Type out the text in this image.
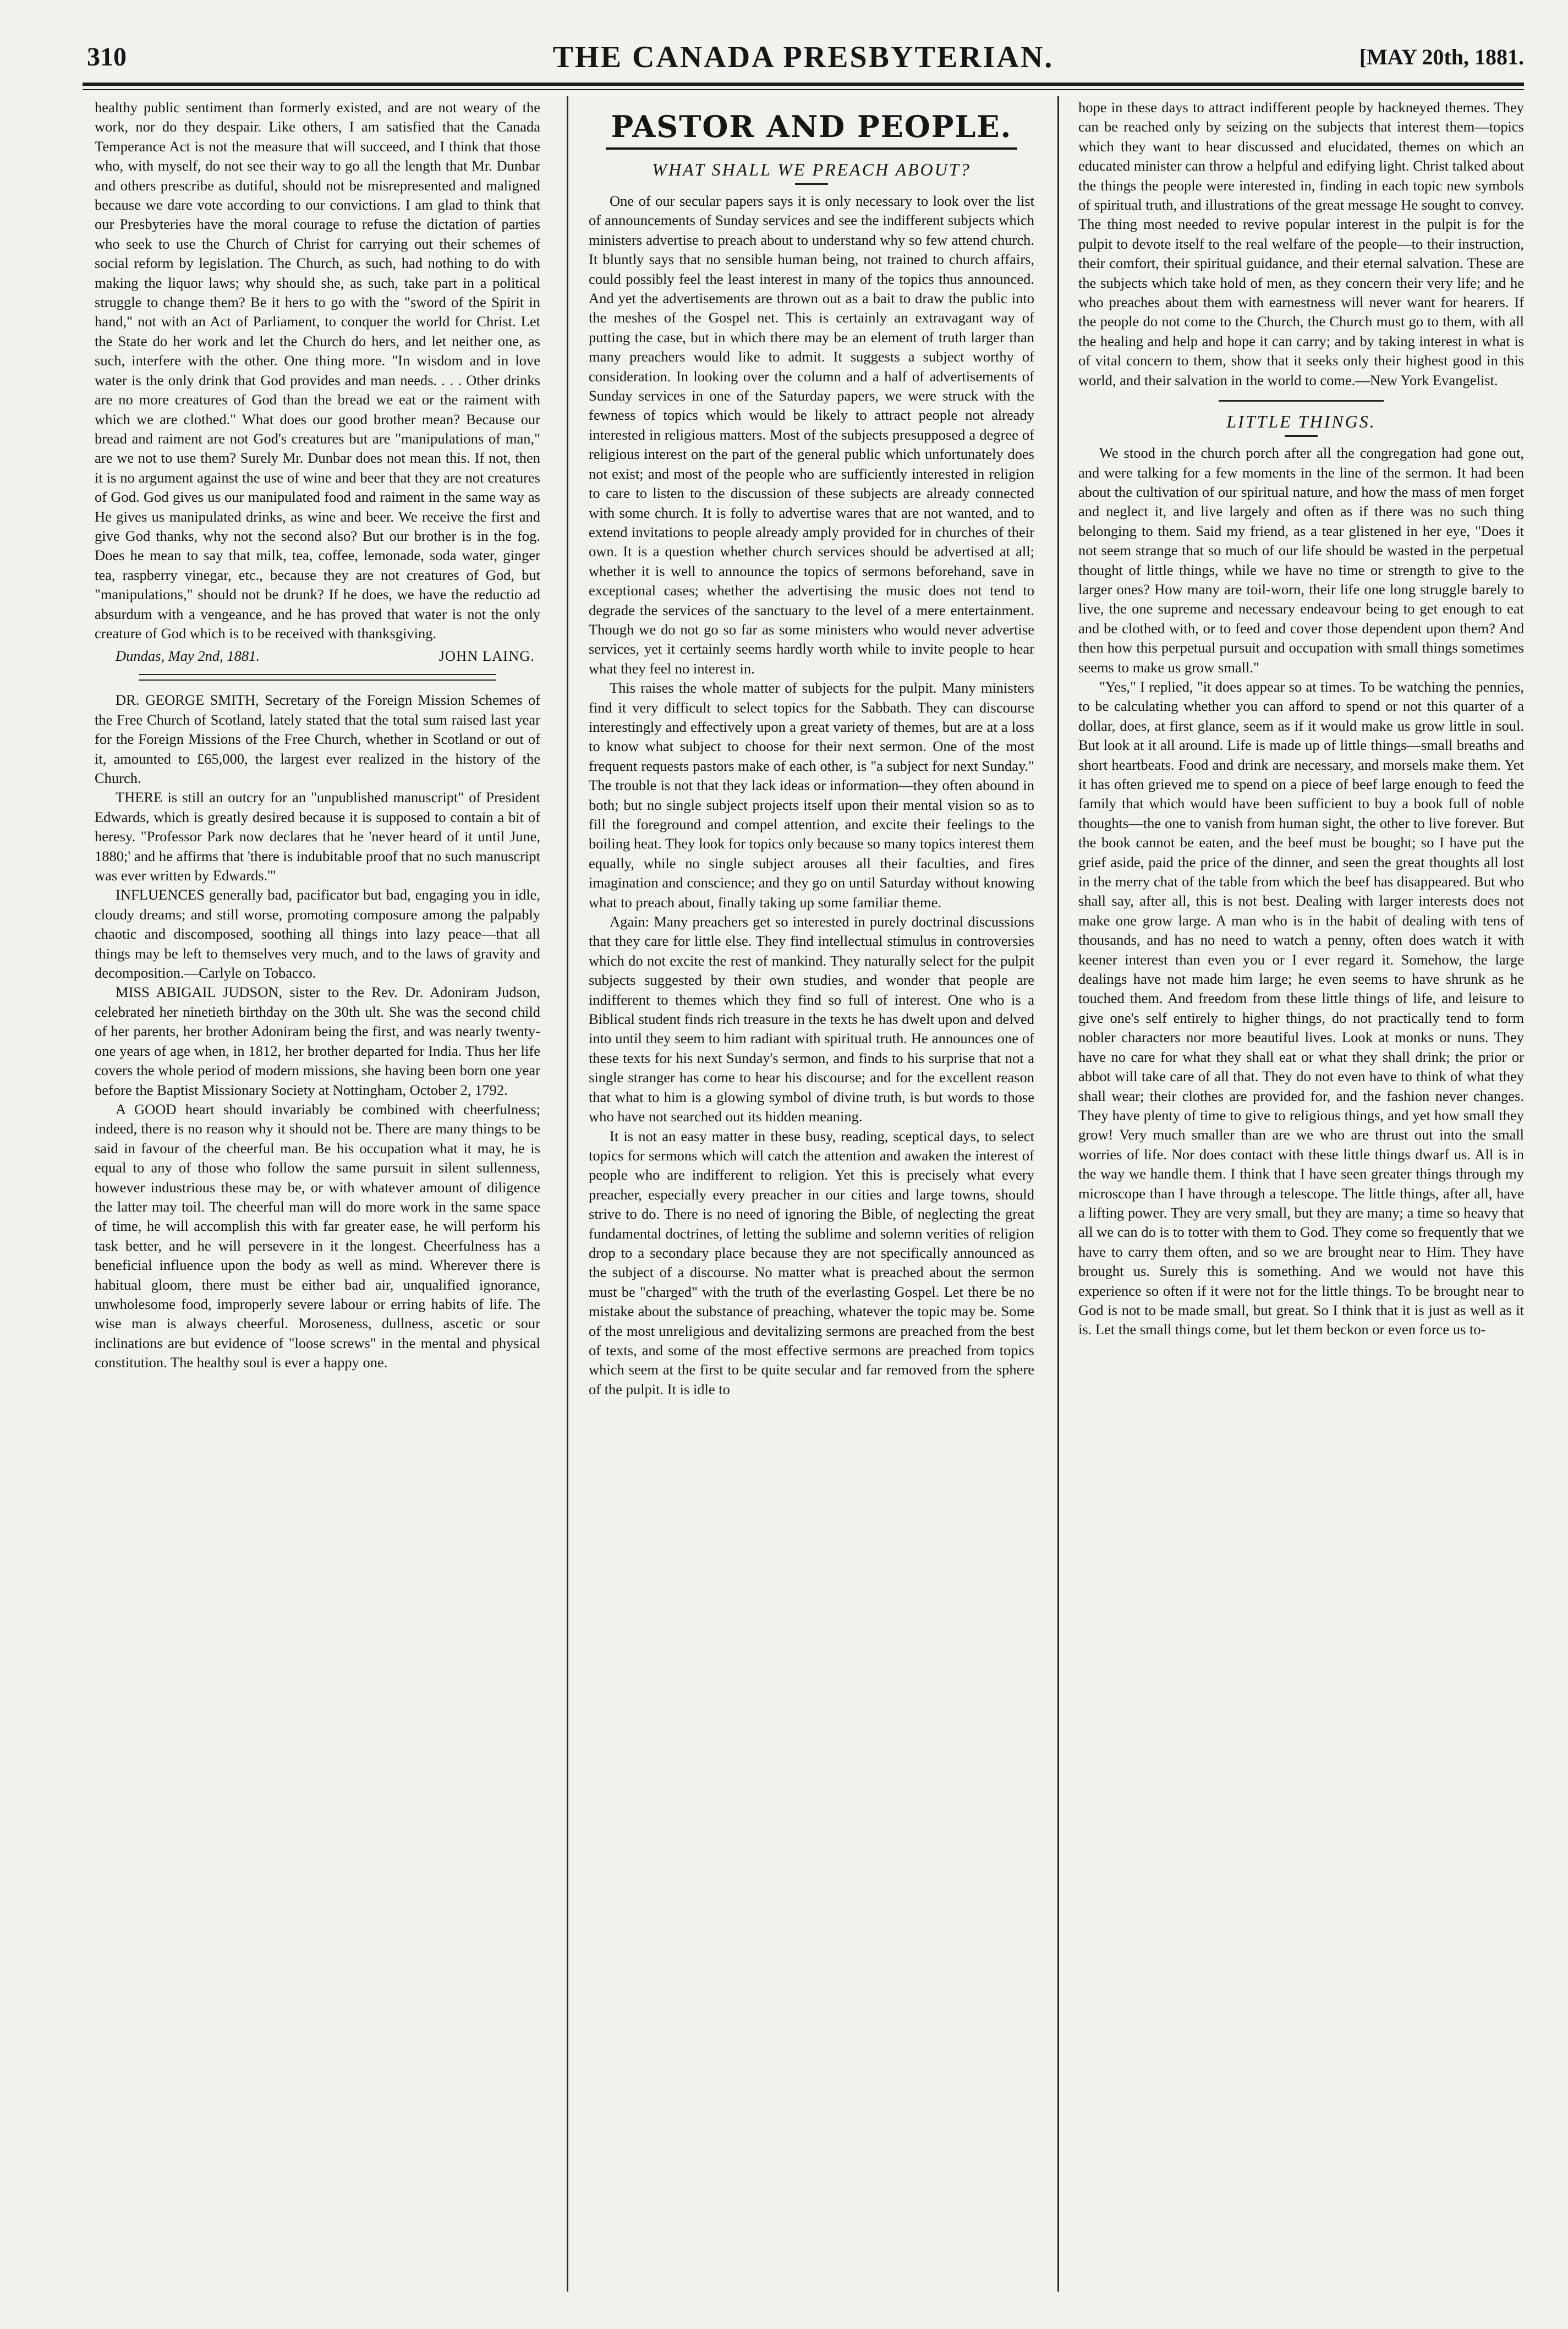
310	THE CANADA PRESBYTERIAN.	[MAY 20th, 1881.

healthy public sentiment than formerly existed, and are not weary of the work, nor do they despair. Like others, I am satisfied that the Canada Temperance Act is not the measure that will succeed, and I think that those who, with myself, do not see their way to go all the length that Mr. Dunbar and others prescribe as dutiful, should not be misrepresented and maligned because we dare vote according to our convictions. I am glad to think that our Presbyteries have the moral courage to refuse the dictation of parties who seek to use the Church of Christ for carrying out their schemes of social reform by legislation. The Church, as such, had nothing to do with making the liquor laws; why should she, as such, take part in a political struggle to change them? Be it hers to go with the "sword of the Spirit in hand," not with an Act of Parliament, to conquer the world for Christ. Let the State do her work and let the Church do hers, and let neither one, as such, interfere with the other. One thing more. "In wisdom and in love water is the only drink that God provides and man needs. . . . Other drinks are no more creatures of God than the bread we eat or the raiment with which we are clothed." What does our good brother mean? Because our bread and raiment are not God's creatures but are "manipulations of man," are we not to use them? Surely Mr. Dunbar does not mean this. If not, then it is no argument against the use of wine and beer that they are not creatures of God. God gives us our manipulated food and raiment in the same way as He gives us manipulated drinks, as wine and beer. We receive the first and give God thanks, why not the second also? But our brother is in the fog. Does he mean to say that milk, tea, coffee, lemonade, soda water, ginger tea, raspberry vinegar, etc., because they are not creatures of God, but "manipulations," should not be drunk? If he does, we have the reductio ad absurdum with a vengeance, and he has proved that water is not the only creature of God which is to be received with thanksgiving.

Dundas, May 2nd, 1881.	JOHN LAING.

DR. GEORGE SMITH, Secretary of the Foreign Mission Schemes of the Free Church of Scotland, lately stated that the total sum raised last year for the Foreign Missions of the Free Church, whether in Scotland or out of it, amounted to £65,000, the largest ever realized in the history of the Church.

THERE is still an outcry for an "unpublished manuscript" of President Edwards, which is greatly desired because it is supposed to contain a bit of heresy. "Professor Park now declares that he 'never heard of it until June, 1880;' and he affirms that 'there is indubitable proof that no such manuscript was ever written by Edwards.'"

INFLUENCES generally bad, pacificator but bad, engaging you in idle, cloudy dreams; and still worse, promoting composure among the palpably chaotic and discomposed, soothing all things into lazy peace—that all things may be left to themselves very much, and to the laws of gravity and decomposition.—Carlyle on Tobacco.

MISS ABIGAIL JUDSON, sister to the Rev. Dr. Adoniram Judson, celebrated her ninetieth birthday on the 30th ult. She was the second child of her parents, her brother Adoniram being the first, and was nearly twenty-one years of age when, in 1812, her brother departed for India. Thus her life covers the whole period of modern missions, she having been born one year before the Baptist Missionary Society at Nottingham, October 2, 1792.

A GOOD heart should invariably be combined with cheerfulness; indeed, there is no reason why it should not be. There are many things to be said in favour of the cheerful man. Be his occupation what it may, he is equal to any of those who follow the same pursuit in silent sullenness, however industrious these may be, or with whatever amount of diligence the latter may toil. The cheerful man will do more work in the same space of time, he will accomplish this with far greater ease, he will perform his task better, and he will persevere in it the longest. Cheerfulness has a beneficial influence upon the body as well as mind. Wherever there is habitual gloom, there must be either bad air, unqualified ignorance, unwholesome food, improperly severe labour or erring habits of life. The wise man is always cheerful. Moroseness, dullness, ascetic or sour inclinations are but evidence of "loose screws" in the mental and physical constitution. The healthy soul is ever a happy one.

PASTOR AND PEOPLE.
WHAT SHALL WE PREACH ABOUT?

One of our secular papers says it is only necessary to look over the list of announcements of Sunday services and see the indifferent subjects which ministers advertise to preach about to understand why so few attend church. It bluntly says that no sensible human being, not trained to church affairs, could possibly feel the least interest in many of the topics thus announced. And yet the advertisements are thrown out as a bait to draw the public into the meshes of the Gospel net. This is certainly an extravagant way of putting the case, but in which there may be an element of truth larger than many preachers would like to admit. It suggests a subject worthy of consideration. In looking over the column and a half of advertisements of Sunday services in one of the Saturday papers, we were struck with the fewness of topics which would be likely to attract people not already interested in religious matters. Most of the subjects presupposed a degree of religious interest on the part of the general public which unfortunately does not exist; and most of the people who are sufficiently interested in religion to care to listen to the discussion of these subjects are already connected with some church. It is folly to advertise wares that are not wanted, and to extend invitations to people already amply provided for in churches of their own. It is a question whether church services should be advertised at all; whether it is well to announce the topics of sermons beforehand, save in exceptional cases; whether the advertising the music does not tend to degrade the services of the sanctuary to the level of a mere entertainment. Though we do not go so far as some ministers who would never advertise services, yet it certainly seems hardly worth while to invite people to hear what they feel no interest in.

This raises the whole matter of subjects for the pulpit. Many ministers find it very difficult to select topics for the Sabbath. They can discourse interestingly and effectively upon a great variety of themes, but are at a loss to know what subject to choose for their next sermon. One of the most frequent requests pastors make of each other, is "a subject for next Sunday." The trouble is not that they lack ideas or information—they often abound in both; but no single subject projects itself upon their mental vision so as to fill the foreground and compel attention, and excite their feelings to the boiling heat. They look for topics only because so many topics interest them equally, while no single subject arouses all their faculties, and fires imagination and conscience; and they go on until Saturday without knowing what to preach about, finally taking up some familiar theme.

Again: Many preachers get so interested in purely doctrinal discussions that they care for little else. They find intellectual stimulus in controversies which do not excite the rest of mankind. They naturally select for the pulpit subjects suggested by their own studies, and wonder that people are indifferent to themes which they find so full of interest. One who is a Biblical student finds rich treasure in the texts he has dwelt upon and delved into until they seem to him radiant with spiritual truth. He announces one of these texts for his next Sunday's sermon, and finds to his surprise that not a single stranger has come to hear his discourse; and for the excellent reason that what to him is a glowing symbol of divine truth, is but words to those who have not searched out its hidden meaning.

It is not an easy matter in these busy, reading, sceptical days, to select topics for sermons which will catch the attention and awaken the interest of people who are indifferent to religion. Yet this is precisely what every preacher, especially every preacher in our cities and large towns, should strive to do. There is no need of ignoring the Bible, of neglecting the great fundamental doctrines, of letting the sublime and solemn verities of religion drop to a secondary place because they are not specifically announced as the subject of a discourse. No matter what is preached about the sermon must be "charged" with the truth of the everlasting Gospel. Let there be no mistake about the substance of preaching, whatever the topic may be. Some of the most unreligious and devitalizing sermons are preached from the best of texts, and some of the most effective sermons are preached from topics which seem at the first to be quite secular and far removed from the sphere of the pulpit. It is idle to

hope in these days to attract indifferent people by hackneyed themes. They can be reached only by seizing on the subjects that interest them—topics which they want to hear discussed and elucidated, themes on which an educated minister can throw a helpful and edifying light. Christ talked about the things the people were interested in, finding in each topic new symbols of spiritual truth, and illustrations of the great message He sought to convey. The thing most needed to revive popular interest in the pulpit is for the pulpit to devote itself to the real welfare of the people—to their instruction, their comfort, their spiritual guidance, and their eternal salvation. These are the subjects which take hold of men, as they concern their very life; and he who preaches about them with earnestness will never want for hearers. If the people do not come to the Church, the Church must go to them, with all the healing and help and hope it can carry; and by taking interest in what is of vital concern to them, show that it seeks only their highest good in this world, and their salvation in the world to come.—New York Evangelist.

LITTLE THINGS.

We stood in the church porch after all the congregation had gone out, and were talking for a few moments in the line of the sermon. It had been about the cultivation of our spiritual nature, and how the mass of men forget and neglect it, and live largely and often as if there was no such thing belonging to them. Said my friend, as a tear glistened in her eye, "Does it not seem strange that so much of our life should be wasted in the perpetual thought of little things, while we have no time or strength to give to the larger ones? How many are toil-worn, their life one long struggle barely to live, the one supreme and necessary endeavour being to get enough to eat and be clothed with, or to feed and cover those dependent upon them? And then how this perpetual pursuit and occupation with small things sometimes seems to make us grow small."

"Yes," I replied, "it does appear so at times. To be watching the pennies, to be calculating whether you can afford to spend or not this quarter of a dollar, does, at first glance, seem as if it would make us grow little in soul. But look at it all around. Life is made up of little things—small breaths and short heartbeats. Food and drink are necessary, and morsels make them. Yet it has often grieved me to spend on a piece of beef large enough to feed the family that which would have been sufficient to buy a book full of noble thoughts—the one to vanish from human sight, the other to live forever. But the book cannot be eaten, and the beef must be bought; so I have put the grief aside, paid the price of the dinner, and seen the great thoughts all lost in the merry chat of the table from which the beef has disappeared. But who shall say, after all, this is not best. Dealing with larger interests does not make one grow large. A man who is in the habit of dealing with tens of thousands, and has no need to watch a penny, often does watch it with keener interest than even you or I ever regard it. Somehow, the large dealings have not made him large; he even seems to have shrunk as he touched them. And freedom from these little things of life, and leisure to give one's self entirely to higher things, do not practically tend to form nobler characters nor more beautiful lives. Look at monks or nuns. They have no care for what they shall eat or what they shall drink; the prior or abbot will take care of all that. They do not even have to think of what they shall wear; their clothes are provided for, and the fashion never changes. They have plenty of time to give to religious things, and yet how small they grow! Very much smaller than are we who are thrust out into the small worries of life. Nor does contact with these little things dwarf us. All is in the way we handle them. I think that I have seen greater things through my microscope than I have through a telescope. The little things, after all, have a lifting power. They are very small, but they are many; a time so heavy that all we can do is to totter with them to God. They come so frequently that we have to carry them often, and so we are brought near to Him. They have brought us. Surely this is something. And we would not have this experience so often if it were not for the little things. To be brought near to God is not to be made small, but great. So I think that it is just as well as it is. Let the small things come, but let them beckon or even force us to-
